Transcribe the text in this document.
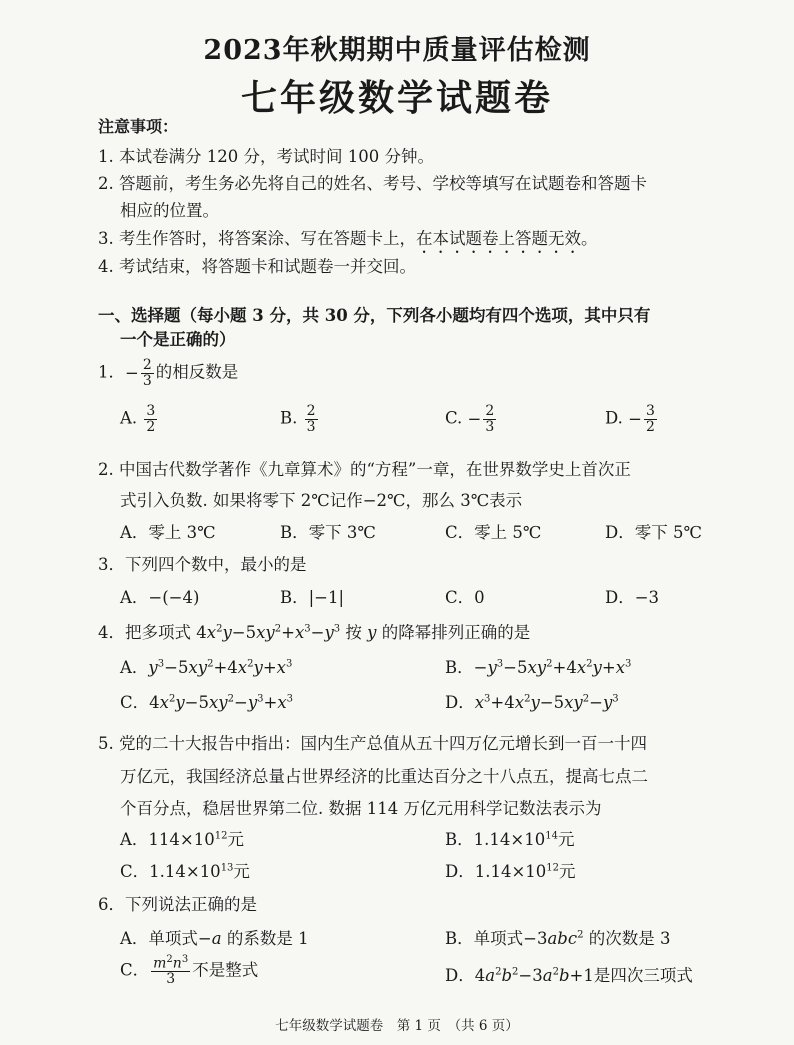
2023年秋期期中质量评估检测
七年级数学试题卷
注意事项：
1. 本试卷满分 120 分，考试时间 100 分钟。
2. 答题前，考生务必先将自己的姓名、考号、学校等填写在试题卷和答题卡
相应的位置。
3. 考生作答时，将答案涂、写在答题卡上，在本试题卷上答题无效。
4. 考试结束，将答题卡和试题卷一并交回。
一、选择题（每小题 3 分，共 30 分，下列各小题均有四个选项，其中只有
一个是正确的）
1．− $\frac{2}{3}$ 的相反数是
A. $\frac{3}{2}$	B. $\frac{2}{3}$	C. − $\frac{2}{3}$	D. − $\frac{3}{2}$
2. 中国古代数学著作《九章算术》的“方程”一章，在世界数学史上首次正
式引入负数. 如果将零下 2℃记作−2℃，那么 3℃表示
A．零上 3℃	B．零下 3℃	C．零上 5℃	D．零下 5℃
3．下列四个数中，最小的是
A．−(−4)	B．|−1|	C．0	D．−3
4．把多项式 $4x^2y-5xy^2+x^3-y^3$ 按 y 的降幂排列正确的是
A．$y^3-5xy^2+4x^2y+x^3$	B．$-y^3-5xy^2+4x^2y+x^3$
C．$4x^2y-5xy^2-y^3+x^3$	D．$x^3+4x^2y-5xy^2-y^3$
5. 党的二十大报告中指出：国内生产总值从五十四万亿元增长到一百一十四
万亿元，我国经济总量占世界经济的比重达百分之十八点五，提高七点二
个百分点，稳居世界第二位. 数据 114 万亿元用科学记数法表示为
A．$114\times 10^{12}$元	B．$1.14\times 10^{14}$元
C．$1.14\times 10^{13}$元	D．$1.14\times 10^{12}$元
6．下列说法正确的是
A．单项式−a 的系数是 1	B．单项式−3abc$^2$ 的次数是 3
C． $\frac{m^2n^3}{3}$ 不是整式	D．$4a^2b^2-3a^2b+1$是四次三项式
七年级数学试题卷　第 1 页　（共 6 页）
